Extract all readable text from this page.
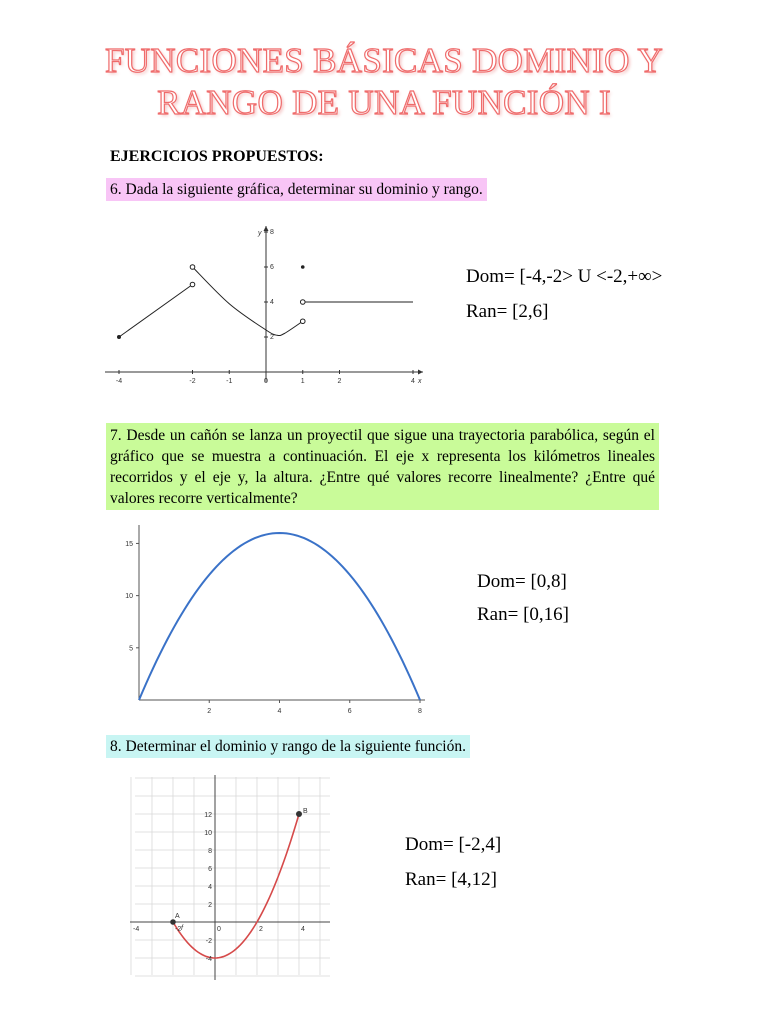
FUNCIONES BÁSICAS DOMINIO Y
RANGO DE UNA FUNCIÓN I
EJERCICIOS PROPUESTOS:
6. Dada la siguiente gráfica, determinar su dominio y rango.
-4	-2	-1	0	1	2	4
2
4
6
8
x
y
Dom= [-4,-2> U <-2,+∞>
Ran= [2,6]
7. Desde un cañón se lanza un proyectil que sigue una trayectoria parabólica, según el gráfico que se muestra a continuación. El eje x representa los kilómetros lineales recorridos y el eje y, la altura. ¿Entre qué valores recorre linealmente? ¿Entre qué valores recorre verticalmente?
2	4	6	8
5
10
15
Dom= [0,8]
Ran= [0,16]
8. Determinar el dominio y rango de la siguiente función.
-4	-2	0	2	4
-4
-2
2
4
6
8
10
12
A
B
f
Dom= [-2,4]
Ran= [4,12]
